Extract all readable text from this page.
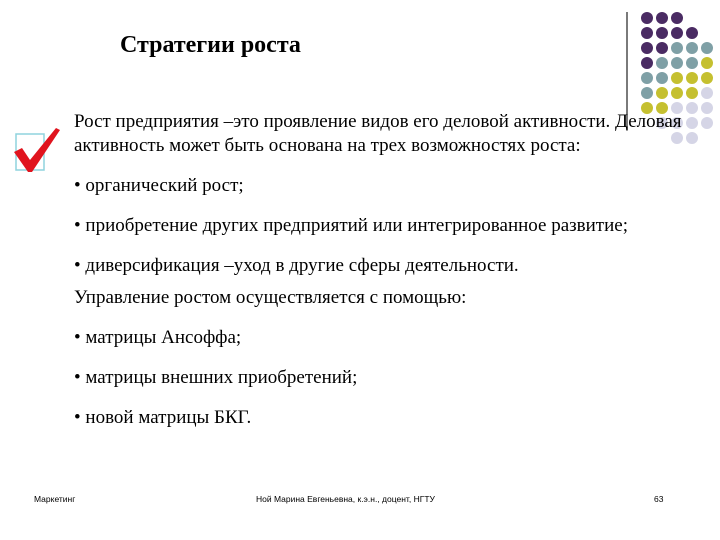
Стратегии роста

Рост предприятия –это проявление видов его деловой активности. Деловая активность может быть основана на трех возможностях роста:

• органический рост;

• приобретение других предприятий или интегрированное развитие;

• диверсификация –уход в другие сферы деятельности.

Управление ростом осуществляется с помощью:

• матрицы Ансоффа;

• матрицы внешних приобретений;

• новой матрицы БКГ.

Маркетинг	Ной Марина Евгеньевна, к.э.н., доцент, НГТУ	63
